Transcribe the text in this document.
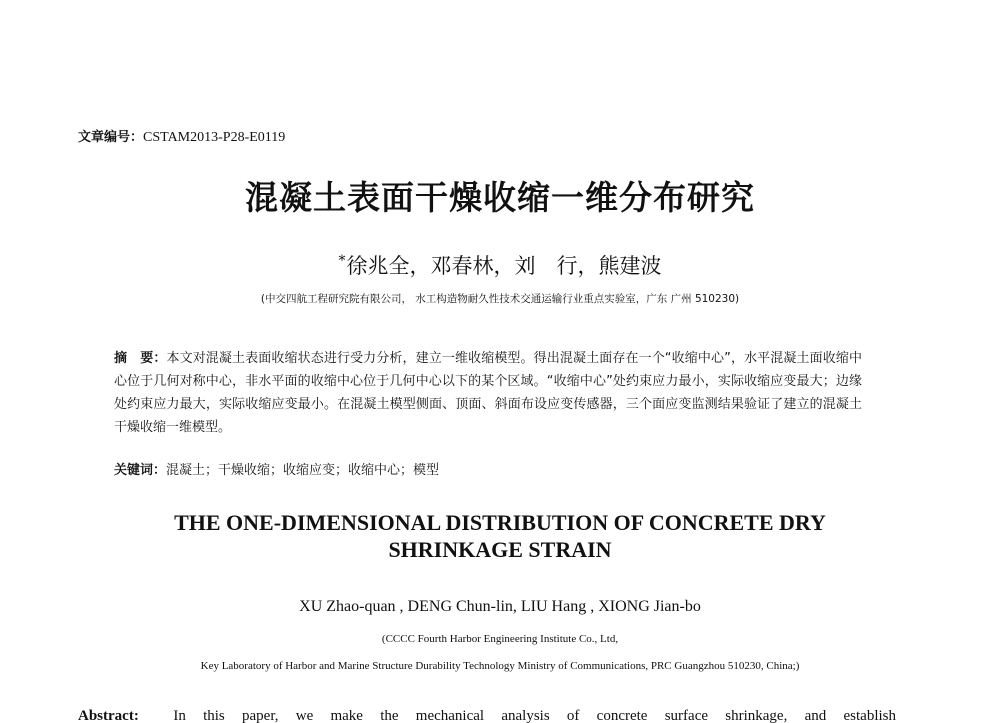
文章编号：CSTAM2013-P28-E0119
混凝土表面干燥收缩一维分布研究
*徐兆全，邓春林，刘　行，熊建波
(中交四航工程研究院有限公司， 水工构造物耐久性技术交通运输行业重点实验室，广东 广州 510230)
摘　要：本文对混凝土表面收缩状态进行受力分析，建立一维收缩模型。得出混凝土面存在一个“收缩中心”，水平混凝土面收缩中心位于几何对称中心，非水平面的收缩中心位于几何中心以下的某个区域。“收缩中心”处约束应力最小，实际收缩应变最大；边缘处约束应力最大，实际收缩应变最小。在混凝土模型侧面、顶面、斜面布设应变传感器，三个面应变监测结果验证了建立的混凝土干燥收缩一维模型。
关键词：混凝土；干燥收缩；收缩应变；收缩中心；模型
THE ONE-DIMENSIONAL DISTRIBUTION OF CONCRETE DRY
SHRINKAGE STRAIN
XU Zhao-quan , DENG Chun-lin, LIU Hang , XIONG Jian-bo
(CCCC Fourth Harbor Engineering Institute Co., Ltd,
Key Laboratory of Harbor and Marine Structure Durability Technology Ministry of Communications, PRC Guangzhou 510230, China;)
Abstract: In this paper, we make the mechanical analysis of concrete surface shrinkage, and establish
